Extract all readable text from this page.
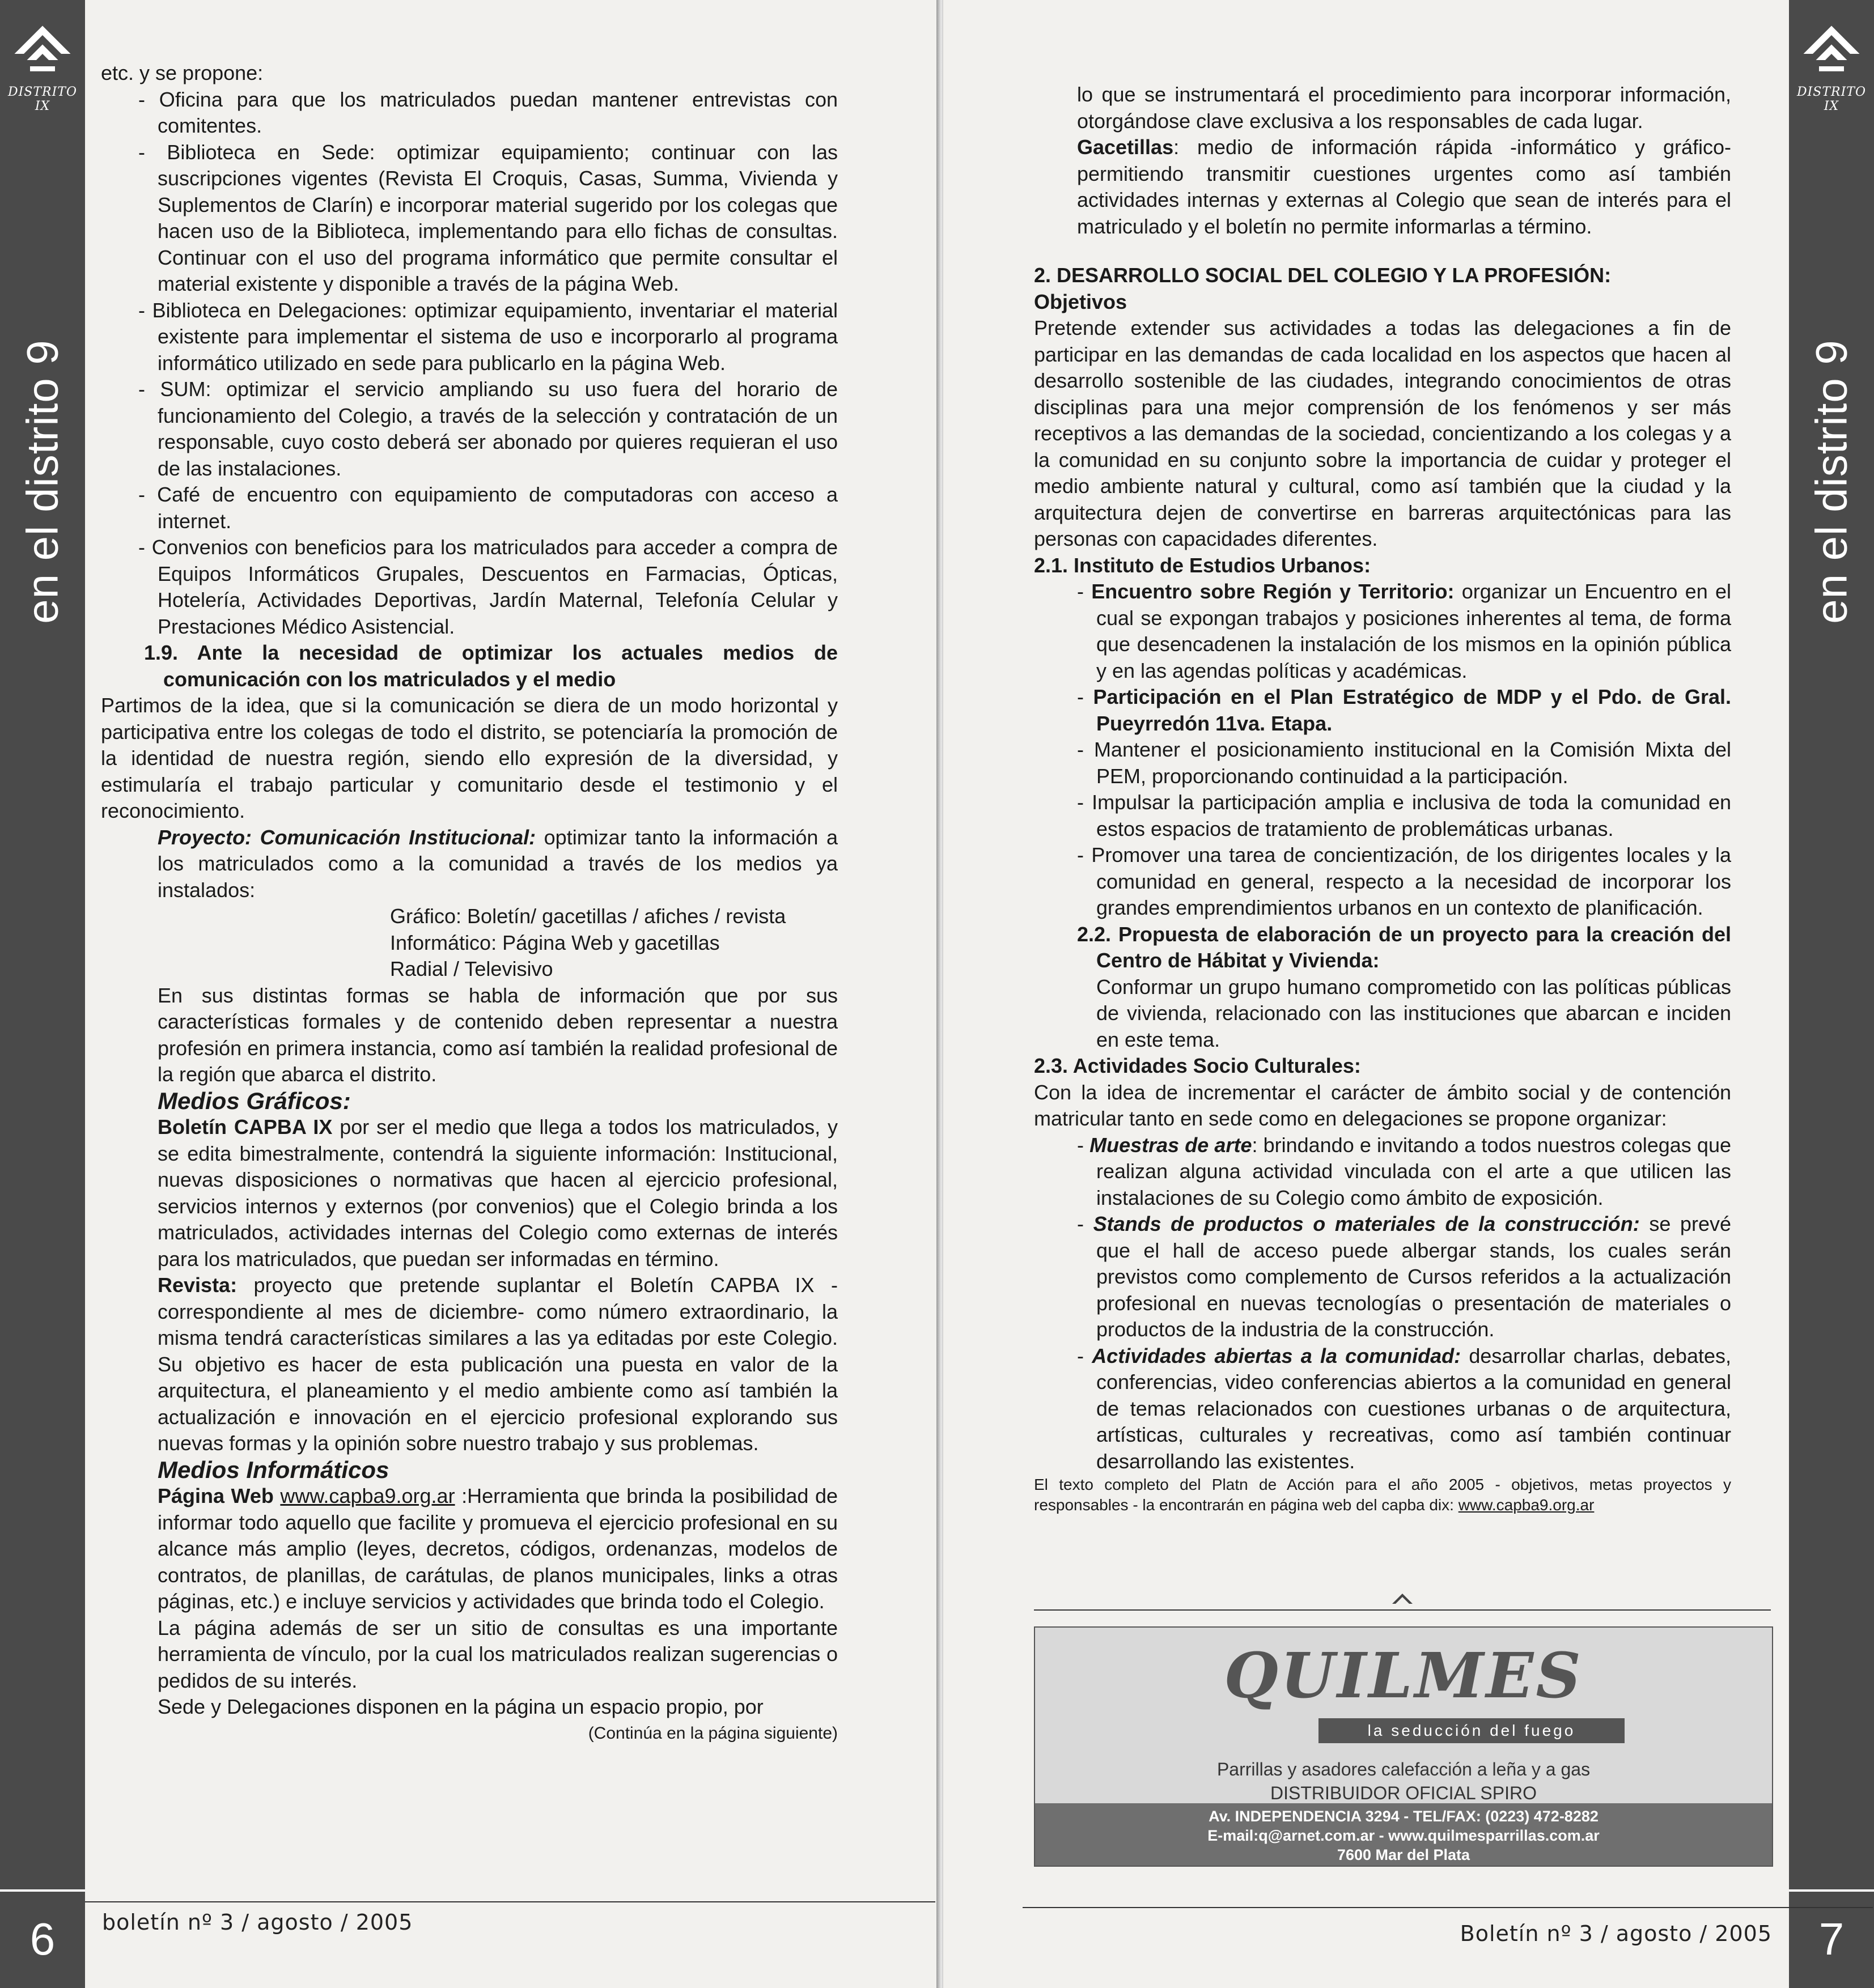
DISTRITO IX
en el distrito 9
6

etc. y se propone:

- Oficina para que los matriculados puedan mantener entrevistas con comitentes.

- Biblioteca en Sede: optimizar equipamiento; continuar con las suscripciones vigentes (Revista El Croquis, Casas, Summa, Vivienda y Suplementos de Clarín) e incorporar material sugerido por los colegas que hacen uso de la Biblioteca, implementando para ello fichas de consultas. Continuar con el uso del programa informático que permite consultar el material existente y disponible a través de la página Web.

- Biblioteca en Delegaciones: optimizar equipamiento, inventariar el material existente para implementar el sistema de uso e incorporarlo al programa informático utilizado en sede para publicarlo en la página Web.

- SUM: optimizar el servicio ampliando su uso fuera del horario de funcionamiento del Colegio, a través de la selección y contratación de un responsable, cuyo costo deberá ser abonado por quieres requieran el uso de las instalaciones.

- Café de encuentro con equipamiento de computadoras con acceso a internet.

- Convenios con beneficios para los matriculados para acceder a compra de Equipos Informáticos Grupales, Descuentos en Farmacias, Ópticas, Hotelería, Actividades Deportivas, Jardín Maternal, Telefonía Celular y Prestaciones Médico Asistencial.

1.9. Ante la necesidad de optimizar los actuales medios de comunicación con los matriculados y el medio

Partimos de la idea, que si la comunicación se diera de un modo horizontal y participativa entre los colegas de todo el distrito, se potenciaría la promoción de la identidad de nuestra región, siendo ello expresión de la diversidad, y estimularía el trabajo particular y comunitario desde el testimonio y el reconocimiento.

Proyecto: Comunicación Institucional: optimizar tanto la información a los matriculados como a la comunidad a través de los medios ya instalados:

Gráfico: Boletín/ gacetillas / afiches / revista

Informático: Página Web y gacetillas

Radial / Televisivo

En sus distintas formas se habla de información que por sus características formales y de contenido deben representar a nuestra profesión en primera instancia, como así también la realidad profesional de la región que abarca el distrito.

Medios Gráficos:

Boletín CAPBA IX por ser el medio que llega a todos los matriculados, y se edita bimestralmente, contendrá la siguiente información: Institucional, nuevas disposiciones o normativas que hacen al ejercicio profesional, servicios internos y externos (por convenios) que el Colegio brinda a los matriculados, actividades internas del Colegio como externas de interés para los matriculados, que puedan ser informadas en término.

Revista: proyecto que pretende suplantar el Boletín CAPBA IX - correspondiente al mes de diciembre- como número extraordinario, la misma tendrá características similares a las ya editadas por este Colegio. Su objetivo es hacer de esta publicación una puesta en valor de la arquitectura, el planeamiento y el medio ambiente como así también la actualización e innovación en el ejercicio profesional explorando sus nuevas formas y la opinión sobre nuestro trabajo y sus problemas.

Medios Informáticos

Página Web www.capba9.org.ar :Herramienta que brinda la posibilidad de informar todo aquello que facilite y promueva el ejercicio profesional en su alcance más amplio (leyes, decretos, códigos, ordenanzas, modelos de contratos, de planillas, de carátulas, de planos municipales, links a otras páginas, etc.) e incluye servicios y actividades que brinda todo el Colegio.

La página además de ser un sitio de consultas es una importante herramienta de vínculo, por la cual los matriculados realizan sugerencias o pedidos de su interés.

Sede y Delegaciones disponen en la página un espacio propio, por

(Continúa en la página siguiente)

boletín nº 3 / agosto / 2005
DISTRITO IX
en el distrito 9
7

lo que se instrumentará el procedimiento para incorporar información, otorgándose clave exclusiva a los responsables de cada lugar.

Gacetillas: medio de información rápida -informático y gráfico- permitiendo transmitir cuestiones urgentes como así también actividades internas y externas al Colegio que sean de interés para el matriculado y el boletín no permite informarlas a término.

2. DESARROLLO SOCIAL DEL COLEGIO Y LA PROFESIÓN:

Objetivos

Pretende extender sus actividades a todas las delegaciones a fin de participar en las demandas de cada localidad en los aspectos que hacen al desarrollo sostenible de las ciudades, integrando conocimientos de otras disciplinas para una mejor comprensión de los fenómenos y ser más receptivos a las demandas de la sociedad, concientizando a los colegas y a la comunidad en su conjunto sobre la importancia de cuidar y proteger el medio ambiente natural y cultural, como así también que la ciudad y la arquitectura dejen de convertirse en barreras arquitectónicas para las personas con capacidades diferentes.

2.1. Instituto de Estudios Urbanos:

- Encuentro sobre Región y Territorio: organizar un Encuentro en el cual se expongan trabajos y posiciones inherentes al tema, de forma que desencadenen la instalación de los mismos en la opinión pública y en las agendas políticas y académicas.

- Participación en el Plan Estratégico de MDP y el Pdo. de Gral. Pueyrredón 11va. Etapa.

- Mantener el posicionamiento institucional en la Comisión Mixta del PEM, proporcionando continuidad a la participación.

- Impulsar la participación amplia e inclusiva de toda la comunidad en estos espacios de tratamiento de problemáticas urbanas.

- Promover una tarea de concientización, de los dirigentes locales y la comunidad en general, respecto a la necesidad de incorporar los grandes emprendimientos urbanos en un contexto de planificación.

2.2. Propuesta de elaboración de un proyecto para la creación del Centro de Hábitat y Vivienda:

Conformar un grupo humano comprometido con las políticas públicas de vivienda, relacionado con las instituciones que abarcan e inciden en este tema.

2.3. Actividades Socio Culturales:

Con la idea de incrementar el carácter de ámbito social y de contención matricular tanto en sede como en delegaciones se propone organizar:

- Muestras de arte: brindando e invitando a todos nuestros colegas que realizan alguna actividad vinculada con el arte a que utilicen las instalaciones de su Colegio como ámbito de exposición.

- Stands de productos o materiales de la construcción: se prevé que el hall de acceso puede albergar stands, los cuales serán previstos como complemento de Cursos referidos a la actualización profesional en nuevas tecnologías o presentación de materiales o productos de la industria de la construcción.

- Actividades abiertas a la comunidad: desarrollar charlas, debates, conferencias, video conferencias abiertos a la comunidad en general de temas relacionados con cuestiones urbanas o de arquitectura, artísticas, culturales y recreativas, como así también continuar desarrollando las existentes.

El texto completo del Platn de Acción para el año 2005 - objetivos, metas proyectos y responsables - la encontrarán en página web del capba dix: www.capba9.org.ar

QUILMES
la seducción del fuego
Parrillas y asadores calefacción a leña y a gas
DISTRIBUIDOR OFICIAL SPIRO
Av. INDEPENDENCIA 3294 - TEL/FAX: (0223) 472-8282
E-mail:q@arnet.com.ar - www.quilmesparrillas.com.ar
7600 Mar del Plata
Boletín nº 3 / agosto / 2005
